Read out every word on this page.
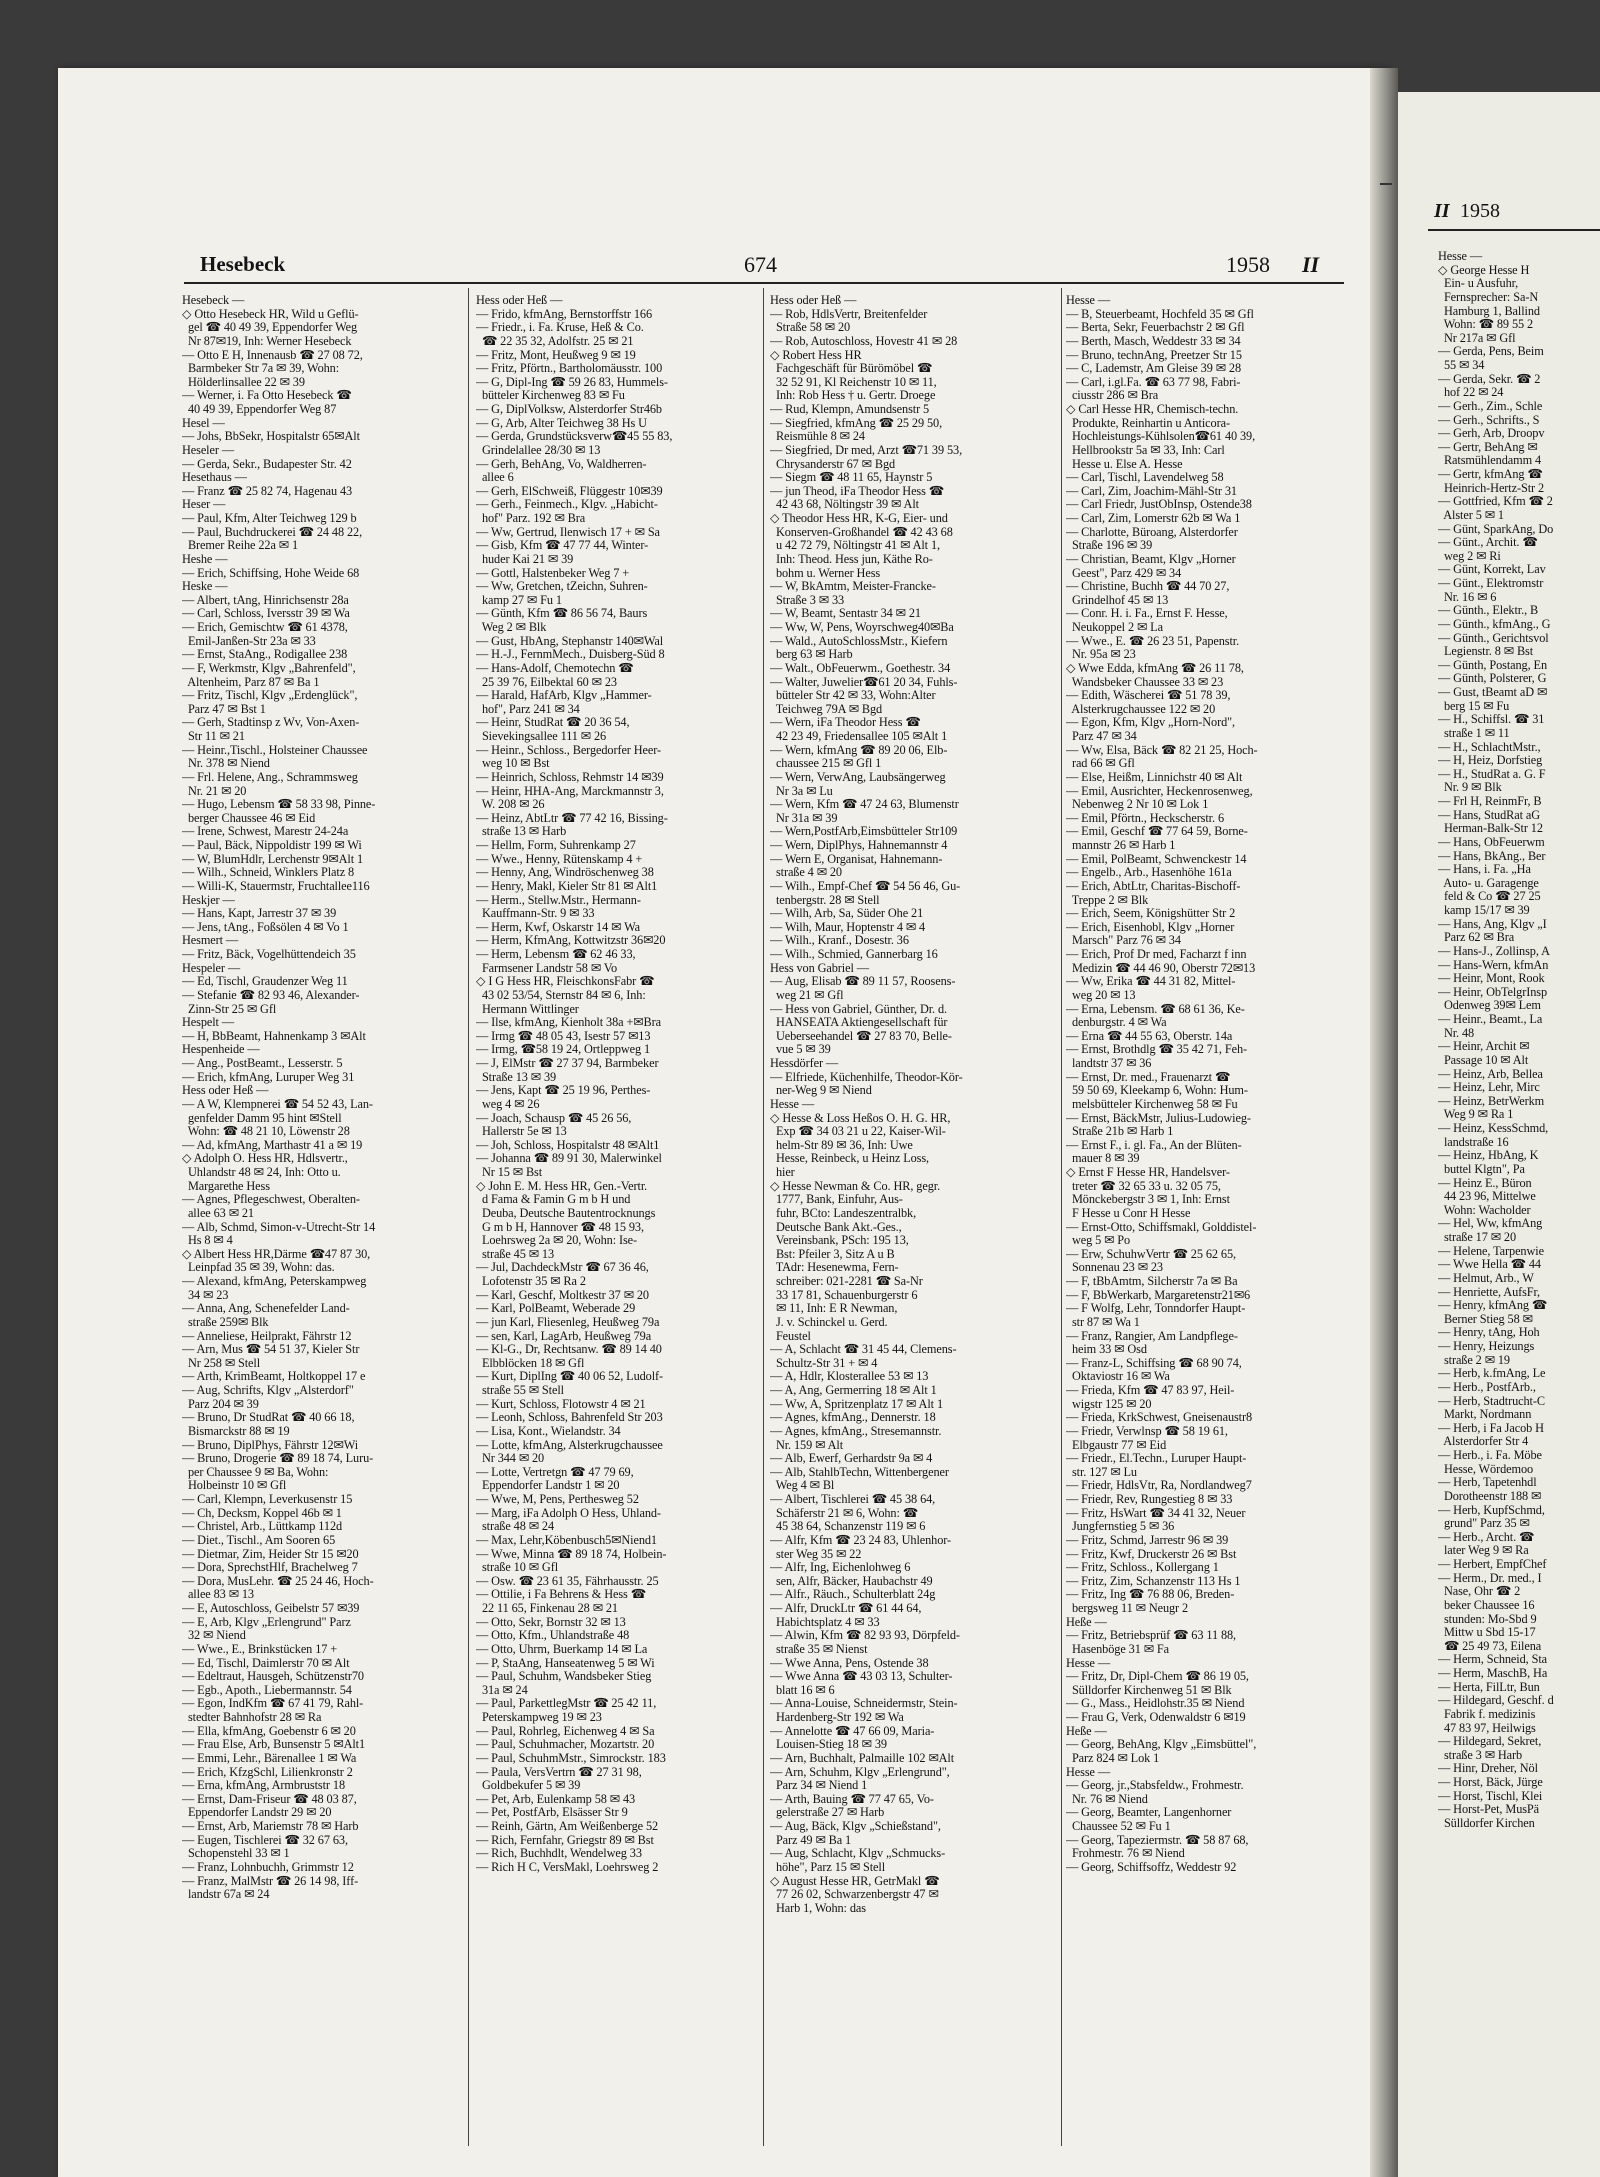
Hesebeck	674	1958 II
Hesebeck —
◇ Otto Hesebeck HR, Wild u Geflü-
gel ☎ 40 49 39, Eppendorfer Weg
Nr 87✉19, Inh: Werner Hesebeck
— Otto E H, Innenausb ☎ 27 08 72,
Barmbeker Str 7a ✉ 39, Wohn:
Hölderlinsallee 22 ✉ 39
— Werner, i. Fa Otto Hesebeck ☎
40 49 39, Eppendorfer Weg 87
Hesel —
— Johs, BbSekr, Hospitalstr 65✉Alt
Heseler —
— Gerda, Sekr., Budapester Str. 42
Hesethaus —
— Franz ☎ 25 82 74, Hagenau 43
Heser —
— Paul, Kfm, Alter Teichweg 129 b
— Paul, Buchdruckerei ☎ 24 48 22,
Bremer Reihe 22a ✉ 1
Heshe —
— Erich, Schiffsing, Hohe Weide 68
Heske —
— Albert, tAng, Hinrichsenstr 28a
— Carl, Schloss, Iversstr 39 ✉ Wa
— Erich, Gemischtw ☎ 61 4378,
Emil-Janßen-Str 23a ✉ 33
— Ernst, StaAng., Rodigallee 238
— F, Werkmstr, Klgv „Bahrenfeld",
Altenheim, Parz 87 ✉ Ba 1
— Fritz, Tischl, Klgv „Erdenglück",
Parz 47 ✉ Bst 1
— Gerh, Stadtinsp z Wv, Von-Axen-
Str 11 ✉ 21
— Heinr.,Tischl., Holsteiner Chaussee
Nr. 378 ✉ Niend
— Frl. Helene, Ang., Schrammsweg
Nr. 21 ✉ 20
— Hugo, Lebensm ☎ 58 33 98, Pinne-
berger Chaussee 46 ✉ Eid
— Irene, Schwest, Marestr 24-24a
— Paul, Bäck, Nippoldistr 199 ✉ Wi
— W, BlumHdlr, Lerchenstr 9✉Alt 1
— Wilh., Schneid, Winklers Platz 8
— Willi-K, Stauermstr, Fruchtallee116
Heskjer —
— Hans, Kapt, Jarrestr 37 ✉ 39
— Jens, tAng., Foßsölen 4 ✉ Vo 1
Hesmert —
— Fritz, Bäck, Vogelhüttendeich 35
Hespeler —
— Ed, Tischl, Graudenzer Weg 11
— Stefanie ☎ 82 93 46, Alexander-
Zinn-Str 25 ✉ Gfl
Hespelt —
— H, BbBeamt, Hahnenkamp 3 ✉Alt
Hespenheide —
— Ang., PostBeamt., Lesserstr. 5
— Erich, kfmAng, Luruper Weg 31
Hess oder Heß —
— A W, Klempnerei ☎ 54 52 43, Lan-
genfelder Damm 95 hint ✉Stell
Wohn: ☎ 48 21 10, Löwenstr 28
— Ad, kfmAng, Marthastr 41 a ✉ 19
◇ Adolph O. Hess HR, Hdlsvertr.,
Uhlandstr 48 ✉ 24, Inh: Otto u.
Margarethe Hess
— Agnes, Pflegeschwest, Oberalten-
allee 63 ✉ 21
— Alb, Schmd, Simon-v-Utrecht-Str 14
Hs 8 ✉ 4
◇ Albert Hess HR,Därme ☎47 87 30,
Leinpfad 35 ✉ 39, Wohn: das.
— Alexand, kfmAng, Peterskampweg
34 ✉ 23
— Anna, Ang, Schenefelder Land-
straße 259✉ Blk
— Anneliese, Heilprakt, Fährstr 12
— Arn, Mus ☎ 54 51 37, Kieler Str
Nr 258 ✉ Stell
— Arth, KrimBeamt, Holtkoppel 17 e
— Aug, Schrifts, Klgv „Alsterdorf"
Parz 204 ✉ 39
— Bruno, Dr StudRat ☎ 40 66 18,
Bismarckstr 88 ✉ 19
— Bruno, DiplPhys, Fährstr 12✉Wi
— Bruno, Drogerie ☎ 89 18 74, Luru-
per Chaussee 9 ✉ Ba, Wohn:
Holbeinstr 10 ✉ Gfl
— Carl, Klempn, Leverkusenstr 15
— Ch, Decksm, Koppel 46b ✉ 1
— Christel, Arb., Lüttkamp 112d
— Diet., Tischl., Am Sooren 65
— Dietmar, Zim, Heider Str 15 ✉20
— Dora, SprechstHlf, Brachelweg 7
— Dora, MusLehr. ☎ 25 24 46, Hoch-
allee 83 ✉ 13
— E, Autoschloss, Geibelstr 57 ✉39
— E, Arb, Klgv „Erlengrund" Parz
32 ✉ Niend
— Wwe., E., Brinkstücken 17 +
— Ed, Tischl, Daimlerstr 70 ✉ Alt
— Edeltraut, Hausgeh, Schützenstr70
— Egb., Apoth., Liebermannstr. 54
— Egon, IndKfm ☎ 67 41 79, Rahl-
stedter Bahnhofstr 28 ✉ Ra
— Ella, kfmAng, Goebenstr 6 ✉ 20
— Frau Else, Arb, Bunsenstr 5 ✉Alt1
— Emmi, Lehr., Bärenallee 1 ✉ Wa
— Erich, KfzgSchl, Lilienkronstr 2
— Erna, kfmAng, Armbruststr 18
— Ernst, Dam-Friseur ☎ 48 03 87,
Eppendorfer Landstr 29 ✉ 20
— Ernst, Arb, Mariemstr 78 ✉ Harb
— Eugen, Tischlerei ☎ 32 67 63,
Schopenstehl 33 ✉ 1
— Franz, Lohnbuchh, Grimmstr 12
— Franz, MalMstr ☎ 26 14 98, Iff-
landstr 67a ✉ 24
Hess oder Heß —
— Frido, kfmAng, Bernstorffstr 166
— Friedr., i. Fa. Kruse, Heß & Co.
☎ 22 35 32, Adolfstr. 25 ✉ 21
— Fritz, Mont, Heußweg 9 ✉ 19
— Fritz, Pförtn., Bartholomäusstr. 100
— G, Dipl-Ing ☎ 59 26 83, Hummels-
bütteler Kirchenweg 83 ✉ Fu
— G, DiplVolksw, Alsterdorfer Str46b
— G, Arb, Alter Teichweg 38 Hs U
— Gerda, Grundstücksverw☎45 55 83,
Grindelallee 28/30 ✉ 13
— Gerh, BehAng, Vo, Waldherren-
allee 6
— Gerh, ElSchweiß, Flüggestr 10✉39
— Gerh., Feinmech., Klgv. „Habicht-
hof" Parz. 192 ✉ Bra
— Ww, Gertrud, Ilenwisch 17 + ✉ Sa
— Gisb, Kfm ☎ 47 77 44, Winter-
huder Kai 21 ✉ 39
— Gottl, Halstenbeker Weg 7 +
— Ww, Gretchen, tZeichn, Suhren-
kamp 27 ✉ Fu 1
— Günth, Kfm ☎ 86 56 74, Baurs
Weg 2 ✉ Blk
— Gust, HbAng, Stephanstr 140✉Wal
— H.-J., FernmMech., Duisberg-Süd 8
— Hans-Adolf, Chemotechn ☎
25 39 76, Eilbektal 60 ✉ 23
— Harald, HafArb, Klgv „Hammer-
hof", Parz 241 ✉ 34
— Heinr, StudRat ☎ 20 36 54,
Sievekingsallee 111 ✉ 26
— Heinr., Schloss., Bergedorfer Heer-
weg 10 ✉ Bst
— Heinrich, Schloss, Rehmstr 14 ✉39
— Heinr, HHA-Ang, Marckmannstr 3,
W. 208 ✉ 26
— Heinz, AbtLtr ☎ 77 42 16, Bissing-
straße 13 ✉ Harb
— Hellm, Form, Suhrenkamp 27
— Wwe., Henny, Rütenskamp 4 +
— Henny, Ang, Windröschenweg 38
— Henry, Makl, Kieler Str 81 ✉ Alt1
— Herm., Stellw.Mstr., Hermann-
Kauffmann-Str. 9 ✉ 33
— Herm, Kwf, Oskarstr 14 ✉ Wa
— Herm, KfmAng, Kottwitzstr 36✉20
— Herm, Lebensm ☎ 62 46 33,
Farmsener Landstr 58 ✉ Vo
◇ I G Hess HR, FleischkonsFabr ☎
43 02 53/54, Sternstr 84 ✉ 6, Inh:
Hermann Wittlinger
— Ilse, kfmAng, Kienholt 38a +✉Bra
— Irmg ☎ 48 05 43, Isestr 57 ✉13
— Irmg, ☎58 19 24, Ortleppweg 1
— J, ElMstr ☎ 27 37 94, Barmbeker
Straße 13 ✉ 39
— Jens, Kapt ☎ 25 19 96, Perthes-
weg 4 ✉ 26
— Joach, Schausp ☎ 45 26 56,
Hallerstr 5e ✉ 13
— Joh, Schloss, Hospitalstr 48 ✉Alt1
— Johanna ☎ 89 91 30, Malerwinkel
Nr 15 ✉ Bst
◇ John E. M. Hess HR, Gen.-Vertr.
d Fama & Famin G m b H und
Deuba, Deutsche Bautentrocknungs
G m b H, Hannover ☎ 48 15 93,
Loehrsweg 2a ✉ 20, Wohn: Ise-
straße 45 ✉ 13
— Jul, DachdeckMstr ☎ 67 36 46,
Lofotenstr 35 ✉ Ra 2
— Karl, Geschf, Moltkestr 37 ✉ 20
— Karl, PolBeamt, Weberade 29
— jun Karl, Fliesenleg, Heußweg 79a
— sen, Karl, LagArb, Heußweg 79a
— Kl-G., Dr, Rechtsanw. ☎ 89 14 40
Elbblöcken 18 ✉ Gfl
— Kurt, DiplIng ☎ 40 06 52, Ludolf-
straße 55 ✉ Stell
— Kurt, Schloss, Flotowstr 4 ✉ 21
— Leonh, Schloss, Bahrenfeld Str 203
— Lisa, Kont., Wielandstr. 34
— Lotte, kfmAng, Alsterkrugchaussee
Nr 344 ✉ 20
— Lotte, Vertretgn ☎ 47 79 69,
Eppendorfer Landstr 1 ✉ 20
— Wwe, M, Pens, Perthesweg 52
— Marg, iFa Adolph O Hess, Uhland-
straße 48 ✉ 24
— Max, Lehr,Köbenbusch5✉Niend1
— Wwe, Minna ☎ 89 18 74, Holbein-
straße 10 ✉ Gfl
— Osw. ☎ 23 61 35, Fährhausstr. 25
— Ottilie, i Fa Behrens & Hess ☎
22 11 65, Finkenau 28 ✉ 21
— Otto, Sekr, Bornstr 32 ✉ 13
— Otto, Kfm., Uhlandstraße 48
— Otto, Uhrm, Buerkamp 14 ✉ La
— P, StaAng, Hanseatenweg 5 ✉ Wi
— Paul, Schuhm, Wandsbeker Stieg
31a ✉ 24
— Paul, ParkettlegMstr ☎ 25 42 11,
Peterskampweg 19 ✉ 23
— Paul, Rohrleg, Eichenweg 4 ✉ Sa
— Paul, Schuhmacher, Mozartstr. 20
— Paul, SchuhmMstr., Simrockstr. 183
— Paula, VersVertrn ☎ 27 31 98,
Goldbekufer 5 ✉ 39
— Pet, Arb, Eulenkamp 58 ✉ 43
— Pet, PostfArb, Elsässer Str 9
— Reinh, Gärtn, Am Weißenberge 52
— Rich, Fernfahr, Griegstr 89 ✉ Bst
— Rich, Buchhdlt, Wendelweg 33
— Rich H C, VersMakl, Loehrsweg 2
Hess oder Heß —
— Rob, HdlsVertr, Breitenfelder
Straße 58 ✉ 20
— Rob, Autoschloss, Hovestr 41 ✉ 28
◇ Robert Hess HR
Fachgeschäft für Bürömöbel ☎
32 52 91, Kl Reichenstr 10 ✉ 11,
Inh: Rob Hess † u. Gertr. Droege
— Rud, Klempn, Amundsenstr 5
— Siegfried, kfmAng ☎ 25 29 50,
Reismühle 8 ✉ 24
— Siegfried, Dr med, Arzt ☎71 39 53,
Chrysanderstr 67 ✉ Bgd
— Siegm ☎ 48 11 65, Haynstr 5
— jun Theod, iFa Theodor Hess ☎
42 43 68, Nöltingstr 39 ✉ Alt
◇ Theodor Hess HR, K-G, Eier- und
Konserven-Großhandel ☎ 42 43 68
u 42 72 79, Nöltingstr 41 ✉ Alt 1,
Inh: Theod. Hess jun, Käthe Ro-
bohm u. Werner Hess
— W, BkAmtm, Meister-Francke-
Straße 3 ✉ 33
— W, Beamt, Sentastr 34 ✉ 21
— Ww, W, Pens, Woyrschweg40✉Ba
— Wald., AutoSchlossMstr., Kiefern
berg 63 ✉ Harb
— Walt., ObFeuerwm., Goethestr. 34
— Walter, Juwelier☎61 20 34, Fuhls-
bütteler Str 42 ✉ 33, Wohn:Alter
Teichweg 79A ✉ Bgd
— Wern, iFa Theodor Hess ☎
42 23 49, Friedensallee 105 ✉Alt 1
— Wern, kfmAng ☎ 89 20 06, Elb-
chaussee 215 ✉ Gfl 1
— Wern, VerwAng, Laubsängerweg
Nr 3a ✉ Lu
— Wern, Kfm ☎ 47 24 63, Blumenstr
Nr 31a ✉ 39
— Wern,PostfArb,Eimsbütteler Str109
— Wern, DiplPhys, Hahnemannstr 4
— Wern E, Organisat, Hahnemann-
straße 4 ✉ 20
— Wilh., Empf-Chef ☎ 54 56 46, Gu-
tenbergstr. 28 ✉ Stell
— Wilh, Arb, Sa, Süder Ohe 21
— Wilh, Maur, Hoptenstr 4 ✉ 4
— Wilh., Kranf., Dosestr. 36
— Wilh., Schmied, Gannerbarg 16
Hess von Gabriel —
— Aug, Elisab ☎ 89 11 57, Roosens-
weg 21 ✉ Gfl
— Hess von Gabriel, Günther, Dr. d.
HANSEATA Aktiengesellschaft für
Ueberseehandel ☎ 27 83 70, Belle-
vue 5 ✉ 39
Hessdörfer —
— Elfriede, Küchenhilfe, Theodor-Kör-
ner-Weg 9 ✉ Niend
Hesse —
◇ Hesse & Loss Heßos O. H. G. HR,
Exp ☎ 34 03 21 u 22, Kaiser-Wil-
helm-Str 89 ✉ 36, Inh: Uwe
Hesse, Reinbeck, u Heinz Loss,
hier
◇ Hesse Newman & Co. HR, gegr.
1777, Bank, Einfuhr, Aus-
fuhr, BCto: Landeszentralbk,
Deutsche Bank Akt.-Ges.,
Vereinsbank, PSch: 195 13,
Bst: Pfeiler 3, Sitz A u B
TAdr: Hesenewma, Fern-
schreiber: 021-2281 ☎ Sa-Nr
33 17 81, Schauenburgerstr 6
✉ 11, Inh: E R Newman,
J. v. Schinckel u. Gerd.
Feustel
— A, Schlacht ☎ 31 45 44, Clemens-
Schultz-Str 31 + ✉ 4
— A, Hdlr, Klosterallee 53 ✉ 13
— A, Ang, Germerring 18 ✉ Alt 1
— Ww, A, Spritzenplatz 17 ✉ Alt 1
— Agnes, kfmAng., Dennerstr. 18
— Agnes, kfmAng., Stresemannstr.
Nr. 159 ✉ Alt
— Alb, Ewerf, Gerhardstr 9a ✉ 4
— Alb, StahlbTechn, Wittenbergener
Weg 4 ✉ Bl
— Albert, Tischlerei ☎ 45 38 64,
Schäferstr 21 ✉ 6, Wohn: ☎
45 38 64, Schanzenstr 119 ✉ 6
— Alfr, Kfm ☎ 23 24 83, Uhlenhor-
ster Weg 35 ✉ 22
— Alfr, Ing, Eichenlohweg 6
sen, Alfr, Bäcker, Haubachstr 49
— Alfr., Räuch., Schulterblatt 24g
— Alfr, DruckLtr ☎ 61 44 64,
Habichtsplatz 4 ✉ 33
— Alwin, Kfm ☎ 82 93 93, Dörpfeld-
straße 35 ✉ Nienst
— Wwe Anna, Pens, Ostende 38
— Wwe Anna ☎ 43 03 13, Schulter-
blatt 16 ✉ 6
— Anna-Louise, Schneidermstr, Stein-
Hardenberg-Str 192 ✉ Wa
— Annelotte ☎ 47 66 09, Maria-
Louisen-Stieg 18 ✉ 39
— Arn, Buchhalt, Palmaille 102 ✉Alt
— Arn, Schuhm, Klgv „Erlengrund",
Parz 34 ✉ Niend 1
— Arth, Bauing ☎ 77 47 65, Vo-
gelerstraße 27 ✉ Harb
— Aug, Bäck, Klgv „Schießstand",
Parz 49 ✉ Ba 1
— Aug, Schlacht, Klgv „Schmucks-
höhe", Parz 15 ✉ Stell
◇ August Hesse HR, GetrMakl ☎
77 26 02, Schwarzenbergstr 47 ✉
Harb 1, Wohn: das
Hesse —
— B, Steuerbeamt, Hochfeld 35 ✉ Gfl
— Berta, Sekr, Feuerbachstr 2 ✉ Gfl
— Berth, Masch, Weddestr 33 ✉ 34
— Bruno, technAng, Preetzer Str 15
— C, Lademstr, Am Gleise 39 ✉ 28
— Carl, i.gl.Fa. ☎ 63 77 98, Fabri-
ciusstr 286 ✉ Bra
◇ Carl Hesse HR, Chemisch-techn.
Produkte, Reinhartin u Anticora-
Hochleistungs-Kühlsolen☎61 40 39,
Hellbrookstr 5a ✉ 33, Inh: Carl
Hesse u. Else A. Hesse
— Carl, Tischl, Lavendelweg 58
— Carl, Zim, Joachim-Mähl-Str 31
— Carl Friedr, JustObInsp, Ostende38
— Carl, Zim, Lomerstr 62b ✉ Wa 1
— Charlotte, Büroang, Alsterdorfer
Straße 196 ✉ 39
— Christian, Beamt, Klgv „Horner
Geest", Parz 429 ✉ 34
— Christine, Buchh ☎ 44 70 27,
Grindelhof 45 ✉ 13
— Conr. H. i. Fa., Ernst F. Hesse,
Neukoppel 2 ✉ La
— Wwe., E. ☎ 26 23 51, Papenstr.
Nr. 95a ✉ 23
◇ Wwe Edda, kfmAng ☎ 26 11 78,
Wandsbeker Chaussee 33 ✉ 23
— Edith, Wäscherei ☎ 51 78 39,
Alsterkrugchaussee 122 ✉ 20
— Egon, Kfm, Klgv „Horn-Nord",
Parz 47 ✉ 34
— Ww, Elsa, Bäck ☎ 82 21 25, Hoch-
rad 66 ✉ Gfl
— Else, Heißm, Linnichstr 40 ✉ Alt
— Emil, Ausrichter, Heckenrosenweg,
Nebenweg 2 Nr 10 ✉ Lok 1
— Emil, Pförtn., Heckscherstr. 6
— Emil, Geschf ☎ 77 64 59, Borne-
mannstr 26 ✉ Harb 1
— Emil, PolBeamt, Schwenckestr 14
— Engelb., Arb., Hasenhöhe 161a
— Erich, AbtLtr, Charitas-Bischoff-
Treppe 2 ✉ Blk
— Erich, Seem, Königshütter Str 2
— Erich, Eisenhobl, Klgv „Horner
Marsch" Parz 76 ✉ 34
— Erich, Prof Dr med, Facharzt f inn
Medizin ☎ 44 46 90, Oberstr 72✉13
— Ww, Erika ☎ 44 31 82, Mittel-
weg 20 ✉ 13
— Erna, Lebensm. ☎ 68 61 36, Ke-
denburgstr. 4 ✉ Wa
— Erna ☎ 44 55 63, Oberstr. 14a
— Ernst, Brothdlg ☎ 35 42 71, Feh-
landtstr 37 ✉ 36
— Ernst, Dr. med., Frauenarzt ☎
59 50 69, Kleekamp 6, Wohn: Hum-
melsbütteler Kirchenweg 58 ✉ Fu
— Ernst, BäckMstr, Julius-Ludowieg-
Straße 21b ✉ Harb 1
— Ernst F., i. gl. Fa., An der Blüten-
mauer 8 ✉ 39
◇ Ernst F Hesse HR, Handelsver-
treter ☎ 32 65 33 u. 32 05 75,
Mönckebergstr 3 ✉ 1, Inh: Ernst
F Hesse u Conr H Hesse
— Ernst-Otto, Schiffsmakl, Golddistel-
weg 5 ✉ Po
— Erw, SchuhwVertr ☎ 25 62 65,
Sonnenau 23 ✉ 23
— F, tBbAmtm, Silcherstr 7a ✉ Ba
— F, BbWerkarb, Margaretenstr21✉6
— F Wolfg, Lehr, Tonndorfer Haupt-
str 87 ✉ Wa 1
— Franz, Rangier, Am Landpflege-
heim 33 ✉ Osd
— Franz-L, Schiffsing ☎ 68 90 74,
Oktaviostr 16 ✉ Wa
— Frieda, Kfm ☎ 47 83 97, Heil-
wigstr 125 ✉ 20
— Frieda, KrkSchwest, Gneisenaustr8
— Friedr, Verwlnsp ☎ 58 19 61,
Elbgaustr 77 ✉ Eid
— Friedr., El.Techn., Luruper Haupt-
str. 127 ✉ Lu
— Friedr, HdlsVtr, Ra, Nordlandweg7
— Friedr, Rev, Rungestieg 8 ✉ 33
— Fritz, HsWart ☎ 34 41 32, Neuer
Jungfernstieg 5 ✉ 36
— Fritz, Schmd, Jarrestr 96 ✉ 39
— Fritz, Kwf, Druckerstr 26 ✉ Bst
— Fritz, Schloss., Kollergang 1
— Fritz, Zim, Schanzenstr 113 Hs 1
— Fritz, Ing ☎ 76 88 06, Breden-
bergsweg 11 ✉ Neugr 2
Heße —
— Fritz, Betriebsprüf ☎ 63 11 88,
Hasenböge 31 ✉ Fa
Hesse —
— Fritz, Dr, Dipl-Chem ☎ 86 19 05,
Sülldorfer Kirchenweg 51 ✉ Blk
— G., Mass., Heidlohstr.35 ✉ Niend
— Frau G, Verk, Odenwaldstr 6 ✉19
Heße —
— Georg, BehAng, Klgv „Eimsbüttel",
Parz 824 ✉ Lok 1
Hesse —
— Georg, jr.,Stabsfeldw., Frohmestr.
Nr. 76 ✉ Niend
— Georg, Beamter, Langenhorner
Chaussee 52 ✉ Fu 1
— Georg, Tapeziermstr. ☎ 58 87 68,
Frohmestr. 76 ✉ Niend
— Georg, Schiffsoffz, Weddestr 92
II 1958
Hesse —
◇ George Hesse H
Ein- u Ausfuhr,
Fernsprecher: Sa-N
Hamburg 1, Ballind
Wohn: ☎ 89 55 2
Nr 217a ✉ Gfl
— Gerda, Pens, Beim
55 ✉ 34
— Gerda, Sekr. ☎ 2
hof 22 ✉ 24
— Gerh., Zim., Schle
— Gerh., Schrifts., S
— Gerh, Arb, Droopv
— Gertr, BehAng ✉
Ratsmühlendamm 4
— Gertr, kfmAng ☎
Heinrich-Hertz-Str 2
— Gottfried, Kfm ☎ 2
Alster 5 ✉ 1
— Günt, SparkAng, Do
— Günt., Archit. ☎
weg 2 ✉ Ri
— Günt, Korrekt, Lav
— Günt., Elektromstr
Nr. 16 ✉ 6
— Günth., Elektr., B
— Günth., kfmAng., G
— Günth., Gerichtsvol
Legienstr. 8 ✉ Bst
— Günth, Postang, En
— Günth, Polsterer, G
— Gust, tBeamt aD ✉
berg 15 ✉ Fu
— H., Schiffsl. ☎ 31
straße 1 ✉ 11
— H., SchlachtMstr.,
— H, Heiz, Dorfstieg
— H., StudRat a. G. F
Nr. 9 ✉ Blk
— Frl H, ReinmFr, B
— Hans, StudRat aG
Herman-Balk-Str 12
— Hans, ObFeuerwm
— Hans, BkAng., Ber
— Hans, i. Fa. „Ha
Auto- u. Garagenge
feld & Co ☎ 27 25
kamp 15/17 ✉ 39
— Hans, Ang, Klgv „I
Parz 62 ✉ Bra
— Hans-J., Zollinsp, A
— Hans-Wern, kfmAn
— Heinr, Mont, Rook
— Heinr, ObTelgrInsp
Odenweg 39✉ Lem
— Heinr., Beamt., La
Nr. 48
— Heinr, Archit ✉
Passage 10 ✉ Alt
— Heinz, Arb, Bellea
— Heinz, Lehr, Mirc
— Heinz, BetrWerkm
Weg 9 ✉ Ra 1
— Heinz, KessSchmd,
landstraße 16
— Heinz, HbAng, K
buttel Klgtn", Pa
— Heinz E., Büron
44 23 96, Mittelwe
Wohn: Wacholder
— Hel, Ww, kfmAng
straße 17 ✉ 20
— Helene, Tarpenwie
— Wwe Hella ☎ 44
— Helmut, Arb., W
— Henriette, AufsFr,
— Henry, kfmAng ☎
Berner Stieg 58 ✉
— Henry, tAng, Hoh
— Henry, Heizungs
straße 2 ✉ 19
— Herb, k.fmAng, Le
— Herb., PostfArb.,
— Herb, Stadtrucht-C
Markt, Nordmann
— Herb, i Fa Jacob H
Alsterdorfer Str 4
— Herb., i. Fa. Möbe
Hesse, Wördemoo
— Herb, Tapetenhdl
Dorotheenstr 188 ✉
— Herb, KupfSchmd,
grund" Parz 35 ✉
— Herb., Archt. ☎
later Weg 9 ✉ Ra
— Herbert, EmpfChef
— Herm., Dr. med., I
Nase, Ohr ☎ 2
beker Chaussee 16
stunden: Mo-Sbd 9
Mittw u Sbd 15-17
☎ 25 49 73, Eilena
— Herm, Schneid, Sta
— Herm, MaschB, Ha
— Herta, FilLtr, Bun
— Hildegard, Geschf. d
Fabrik f. medizinis
47 83 97, Heilwigs
— Hildegard, Sekret,
straße 3 ✉ Harb
— Hinr, Dreher, Nöl
— Horst, Bäck, Jürge
— Horst, Tischl, Klei
— Horst-Pet, MusPä
Sülldorfer Kirchen
